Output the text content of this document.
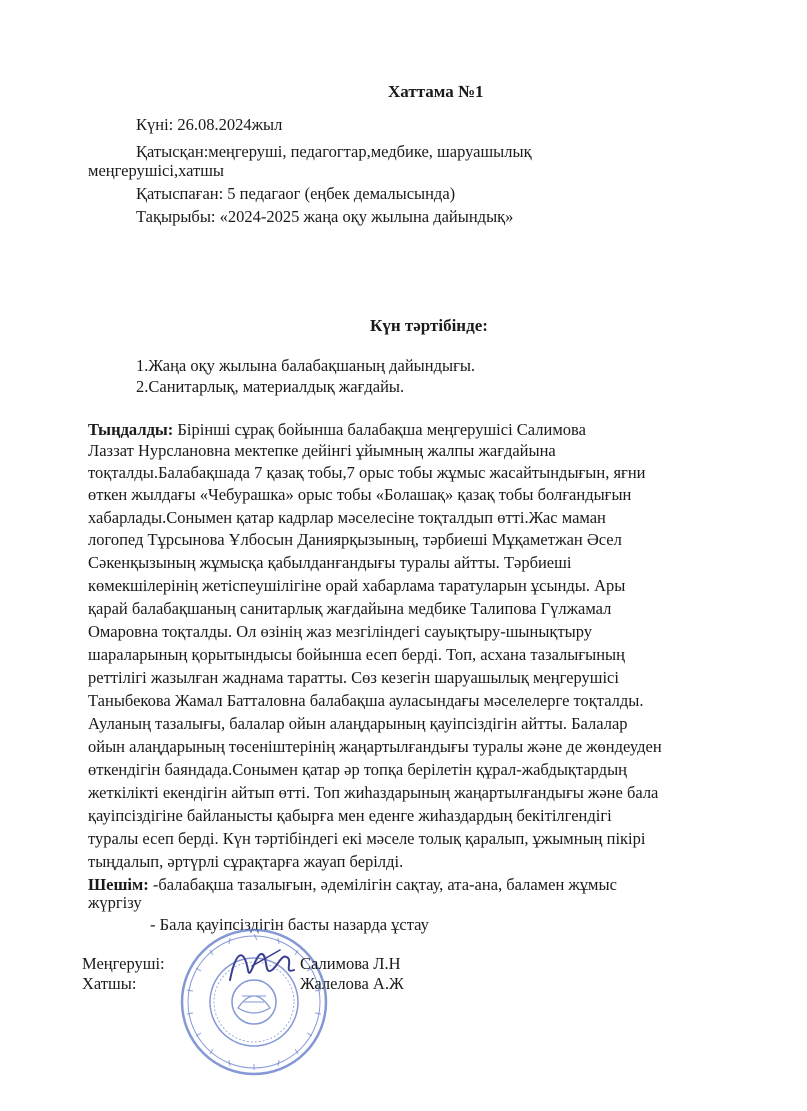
Хаттама №1
Күні: 26.08.2024жыл
Қатысқан:меңгеруші, педагогтар,медбике, шаруашылық
меңгерушісі,хатшы
Қатыспаған: 5 педагаог (еңбек демалысында)
Тақырыбы: «2024-2025 жаңа оқу жылына дайындық»
Күн тәртібінде:
1.Жаңа оқу жылына балабақшаның дайындығы.
2.Санитарлық, материалдық жағдайы.
Тыңдалды: Бірінші сұрақ бойынша балабақша меңгерушісі Салимова
Лаззат Нурслановна мектепке дейінгі ұйымның жалпы жағдайына
тоқталды.Балабақшада 7 қазақ тобы,7 орыс тобы жұмыс жасайтындығын, яғни
өткен жылдағы «Чебурашка» орыс тобы «Болашақ» қазақ тобы болғандығын
хабарлады.Сонымен қатар кадрлар мәселесіне тоқталдып өтті.Жас маман
логопед Тұрсынова Ұлбосын Даниярқызының, тәрбиеші Мұқаметжан Әсел
Сәкенқызының жұмысқа қабылданғандығы туралы айтты. Тәрбиеші
көмекшілерінің жетіспеушілігіне орай хабарлама таратуларын ұсынды. Ары
қарай балабақшаның санитарлық жағдайына медбике Талипова Гүлжамал
Омаровна тоқталды. Ол өзінің жаз мезгіліндегі сауықтыру-шынықтыру
шараларының қорытындысы бойынша есеп берді. Топ, асхана тазалығының
реттілігі жазылған жаднама таратты. Сөз кезегін шаруашылық меңгерушісі
Таныбекова Жамал Батталовна балабақша ауласындағы мәселелерге тоқталды.
Ауланың тазалығы, балалар ойын алаңдарының қауіпсіздігін айтты. Балалар
ойын алаңдарының төсеніштерінің жаңартылғандығы туралы және де жөндеуден
өткендігін баяндада.Сонымен қатар әр топқа берілетін құрал-жабдықтардың
жеткілікті екендігін айтып өтті. Топ жиһаздарының жаңартылғандығы және бала
қауіпсіздігіне байланысты қабырға мен еденге жиһаздардың бекітілгендігі
туралы есеп берді. Күн тәртібіндегі екі мәселе толық қаралып, ұжымның пікірі
тыңдалып, әртүрлі сұрақтарға жауап берілді.
Шешім: -балабақша тазалығын, әдемілігін сақтау, ата-ана, баламен жұмыс
жүргізу
- Бала қауіпсіздігін басты назарда ұстау
Меңгеруші:	Салимова Л.Н
Хатшы:	Жалелова А.Ж
